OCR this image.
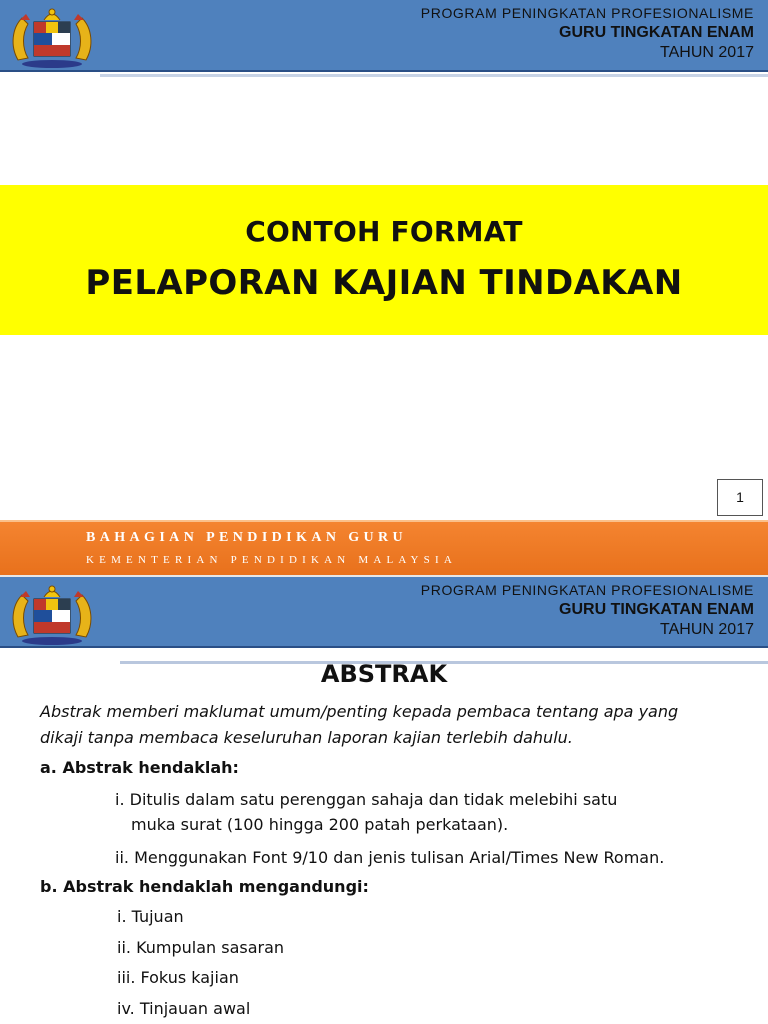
PROGRAM PENINGKATAN PROFESIONALISME
GURU TINGKATAN ENAM
TAHUN 2017
CONTOH FORMAT
PELAPORAN KAJIAN TINDAKAN
1
BAHAGIAN PENDIDIKAN GURU
KEMENTERIAN PENDIDIKAN MALAYSIA
PROGRAM PENINGKATAN PROFESIONALISME
GURU TINGKATAN ENAM
TAHUN 2017
ABSTRAK
Abstrak memberi maklumat umum/penting kepada pembaca tentang apa yang
dikaji tanpa membaca keseluruhan laporan kajian terlebih dahulu.
a. Abstrak hendaklah:
i. Ditulis dalam satu perenggan sahaja dan tidak melebihi satu
muka surat (100 hingga 200 patah perkataan).
ii. Menggunakan Font 9/10 dan jenis tulisan Arial/Times New Roman.
b. Abstrak hendaklah mengandungi:
i. Tujuan
ii. Kumpulan sasaran
iii. Fokus kajian
iv. Tinjauan awal
